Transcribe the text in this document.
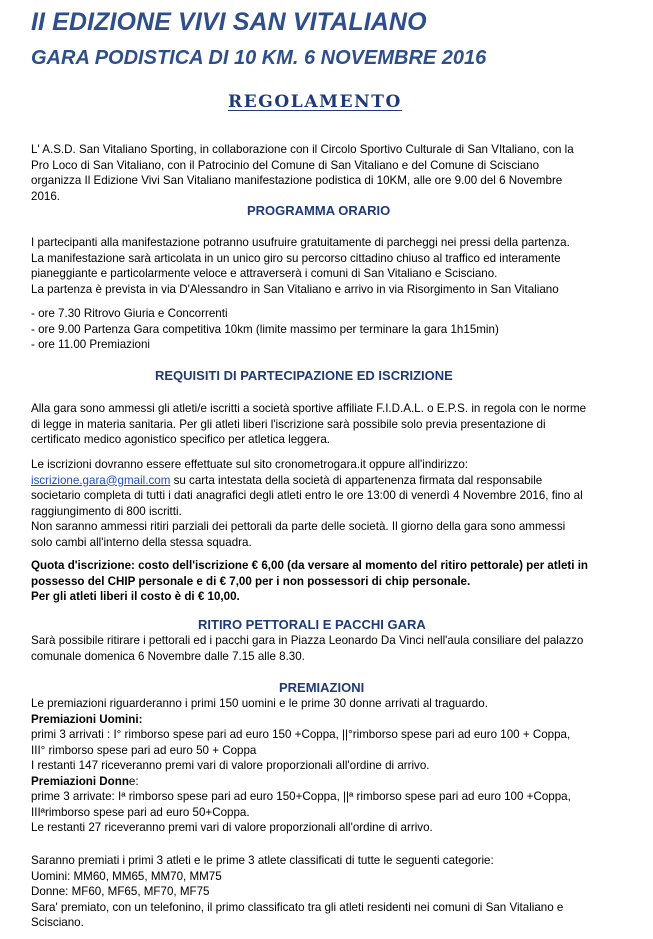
II EDIZIONE VIVI SAN VITALIANO
GARA PODISTICA DI 10 KM. 6 NOVEMBRE 2016
REGOLAMENTO
L' A.S.D. San Vitaliano Sporting, in collaborazione con il Circolo Sportivo Culturale di San VItaliano, con la
Pro Loco di San Vitaliano, con il Patrocinio del Comune di San Vitaliano e del Comune di Scisciano
organizza Il Edizione Vivi San Vitaliano manifestazione podistica di 10KM, alle ore 9.00 del 6 Novembre
2016.
PROGRAMMA ORARIO
I partecipanti alla manifestazione potranno usufruire gratuitamente di parcheggi nei pressi della partenza.
La manifestazione sarà articolata in un unico giro su percorso cittadino chiuso al traffico ed interamente
pianeggiante e particolarmente veloce e attraverserà i comuni di San Vitaliano e Scisciano.
La partenza è prevista in via D'Alessandro in San Vitaliano e arrivo in via Risorgimento in San Vitaliano
- ore 7.30 Ritrovo Giuria e Concorrenti
- ore 9.00 Partenza Gara competitiva 10km (limite massimo per terminare la gara 1h15min)
- ore 11.00 Premiazioni
REQUISITI DI PARTECIPAZIONE ED ISCRIZIONE
Alla gara sono ammessi gli atleti/e iscritti a società sportive affiliate F.I.D.A.L. o E.P.S. in regola con le norme
di legge in materia sanitaria. Per gli atleti liberi l'iscrizione sarà possibile solo previa presentazione di
certificato medico agonistico specifico per atletica leggera.
Le iscrizioni dovranno essere effettuate sul sito cronometrogara.it oppure all'indirizzo:
iscrizione.gara@gmail.com su carta intestata della società di appartenenza firmata dal responsabile
societario completa di tutti i dati anagrafici degli atleti entro le ore 13:00 di venerdì 4 Novembre 2016, fino al
raggiungimento di 800 iscritti.
Non saranno ammessi ritiri parziali dei pettorali da parte delle società. Il giorno della gara sono ammessi
solo cambi all'interno della stessa squadra.
Quota d'iscrizione: costo dell'iscrizione € 6,00 (da versare al momento del ritiro pettorale) per atleti in
possesso del CHIP personale e di € 7,00 per i non possessori di chip personale.
Per gli atleti liberi il costo è di € 10,00.
RITIRO PETTORALI E PACCHI GARA
Sarà possibile ritirare i pettorali ed i pacchi gara in Piazza Leonardo Da Vinci nell'aula consiliare del palazzo
comunale domenica 6 Novembre dalle 7.15 alle 8.30.
PREMIAZIONI
Le premiazioni riguarderanno i primi 150 uomini e le prime 30 donne arrivati al traguardo.
Premiazioni Uomini:
primi 3 arrivati : I° rimborso spese pari ad euro 150 +Coppa, ||°rimborso spese pari ad euro 100 + Coppa,
III° rimborso spese pari ad euro 50 + Coppa
I restanti 147 riceveranno premi vari di valore proporzionali all'ordine di arrivo.
Premiazioni Donne:
prime 3 arrivate: Iª rimborso spese pari ad euro 150+Coppa, ||ª rimborso spese pari ad euro 100 +Coppa,
IIIªrimborso spese pari ad euro 50+Coppa.
Le restanti 27 riceveranno premi vari di valore proporzionali all'ordine di arrivo.
Saranno premiati i primi 3 atleti e le prime 3 atlete classificati di tutte le seguenti categorie:
Uomini: MM60, MM65, MM70, MM75
Donne: MF60, MF65, MF70, MF75
Sara' premiato, con un telefonino, il primo classificato tra gli atleti residenti nei comuni di San Vitaliano e
Scisciano.
